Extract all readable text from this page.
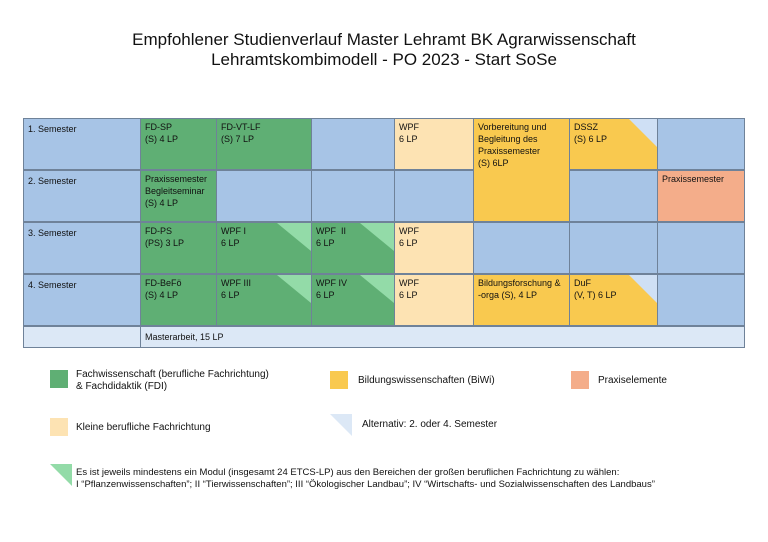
Empfohlener Studienverlauf Master Lehramt BK Agrarwissenschaft
Lehramtskombimodell - PO 2023 - Start SoSe
1. Semester
2. Semester
3. Semester
4. Semester
FD-SP
(S) 4 LP
FD-VT-LF
(S) 7 LP
WPF
6 LP
Vorbereitung und
Begleitung des
Praxissemester
(S) 6LP
DSSZ
(S) 6 LP
Praxissemester
Begleitseminar
(S) 4 LP
Praxissemester
FD-PS
(PS) 3 LP
WPF I
6 LP
WPF  II
6 LP
WPF
6 LP
FD-BeFö
(S) 4 LP
WPF III
6 LP
WPF IV
6 LP
WPF
6 LP
Bildungsforschung &
-orga (S), 4 LP
DuF
(V, T) 6 LP
Masterarbeit, 15 LP
Fachwissenschaft (berufliche Fachrichtung)
& Fachdidaktik (FDI)
Bildungswissenschaften (BiWi)	Praxiselemente
Kleine berufliche Fachrichtung	Alternativ: 2. oder 4. Semester
Es ist jeweils mindestens ein Modul (insgesamt 24 ETCS-LP) aus den Bereichen der großen beruflichen Fachrichtung zu wählen:
I “Pflanzenwissenschaften”; II “Tierwissenschaften”; III “Ökologischer Landbau”; IV “Wirtschafts- und Sozialwissenschaften des Landbaus”
